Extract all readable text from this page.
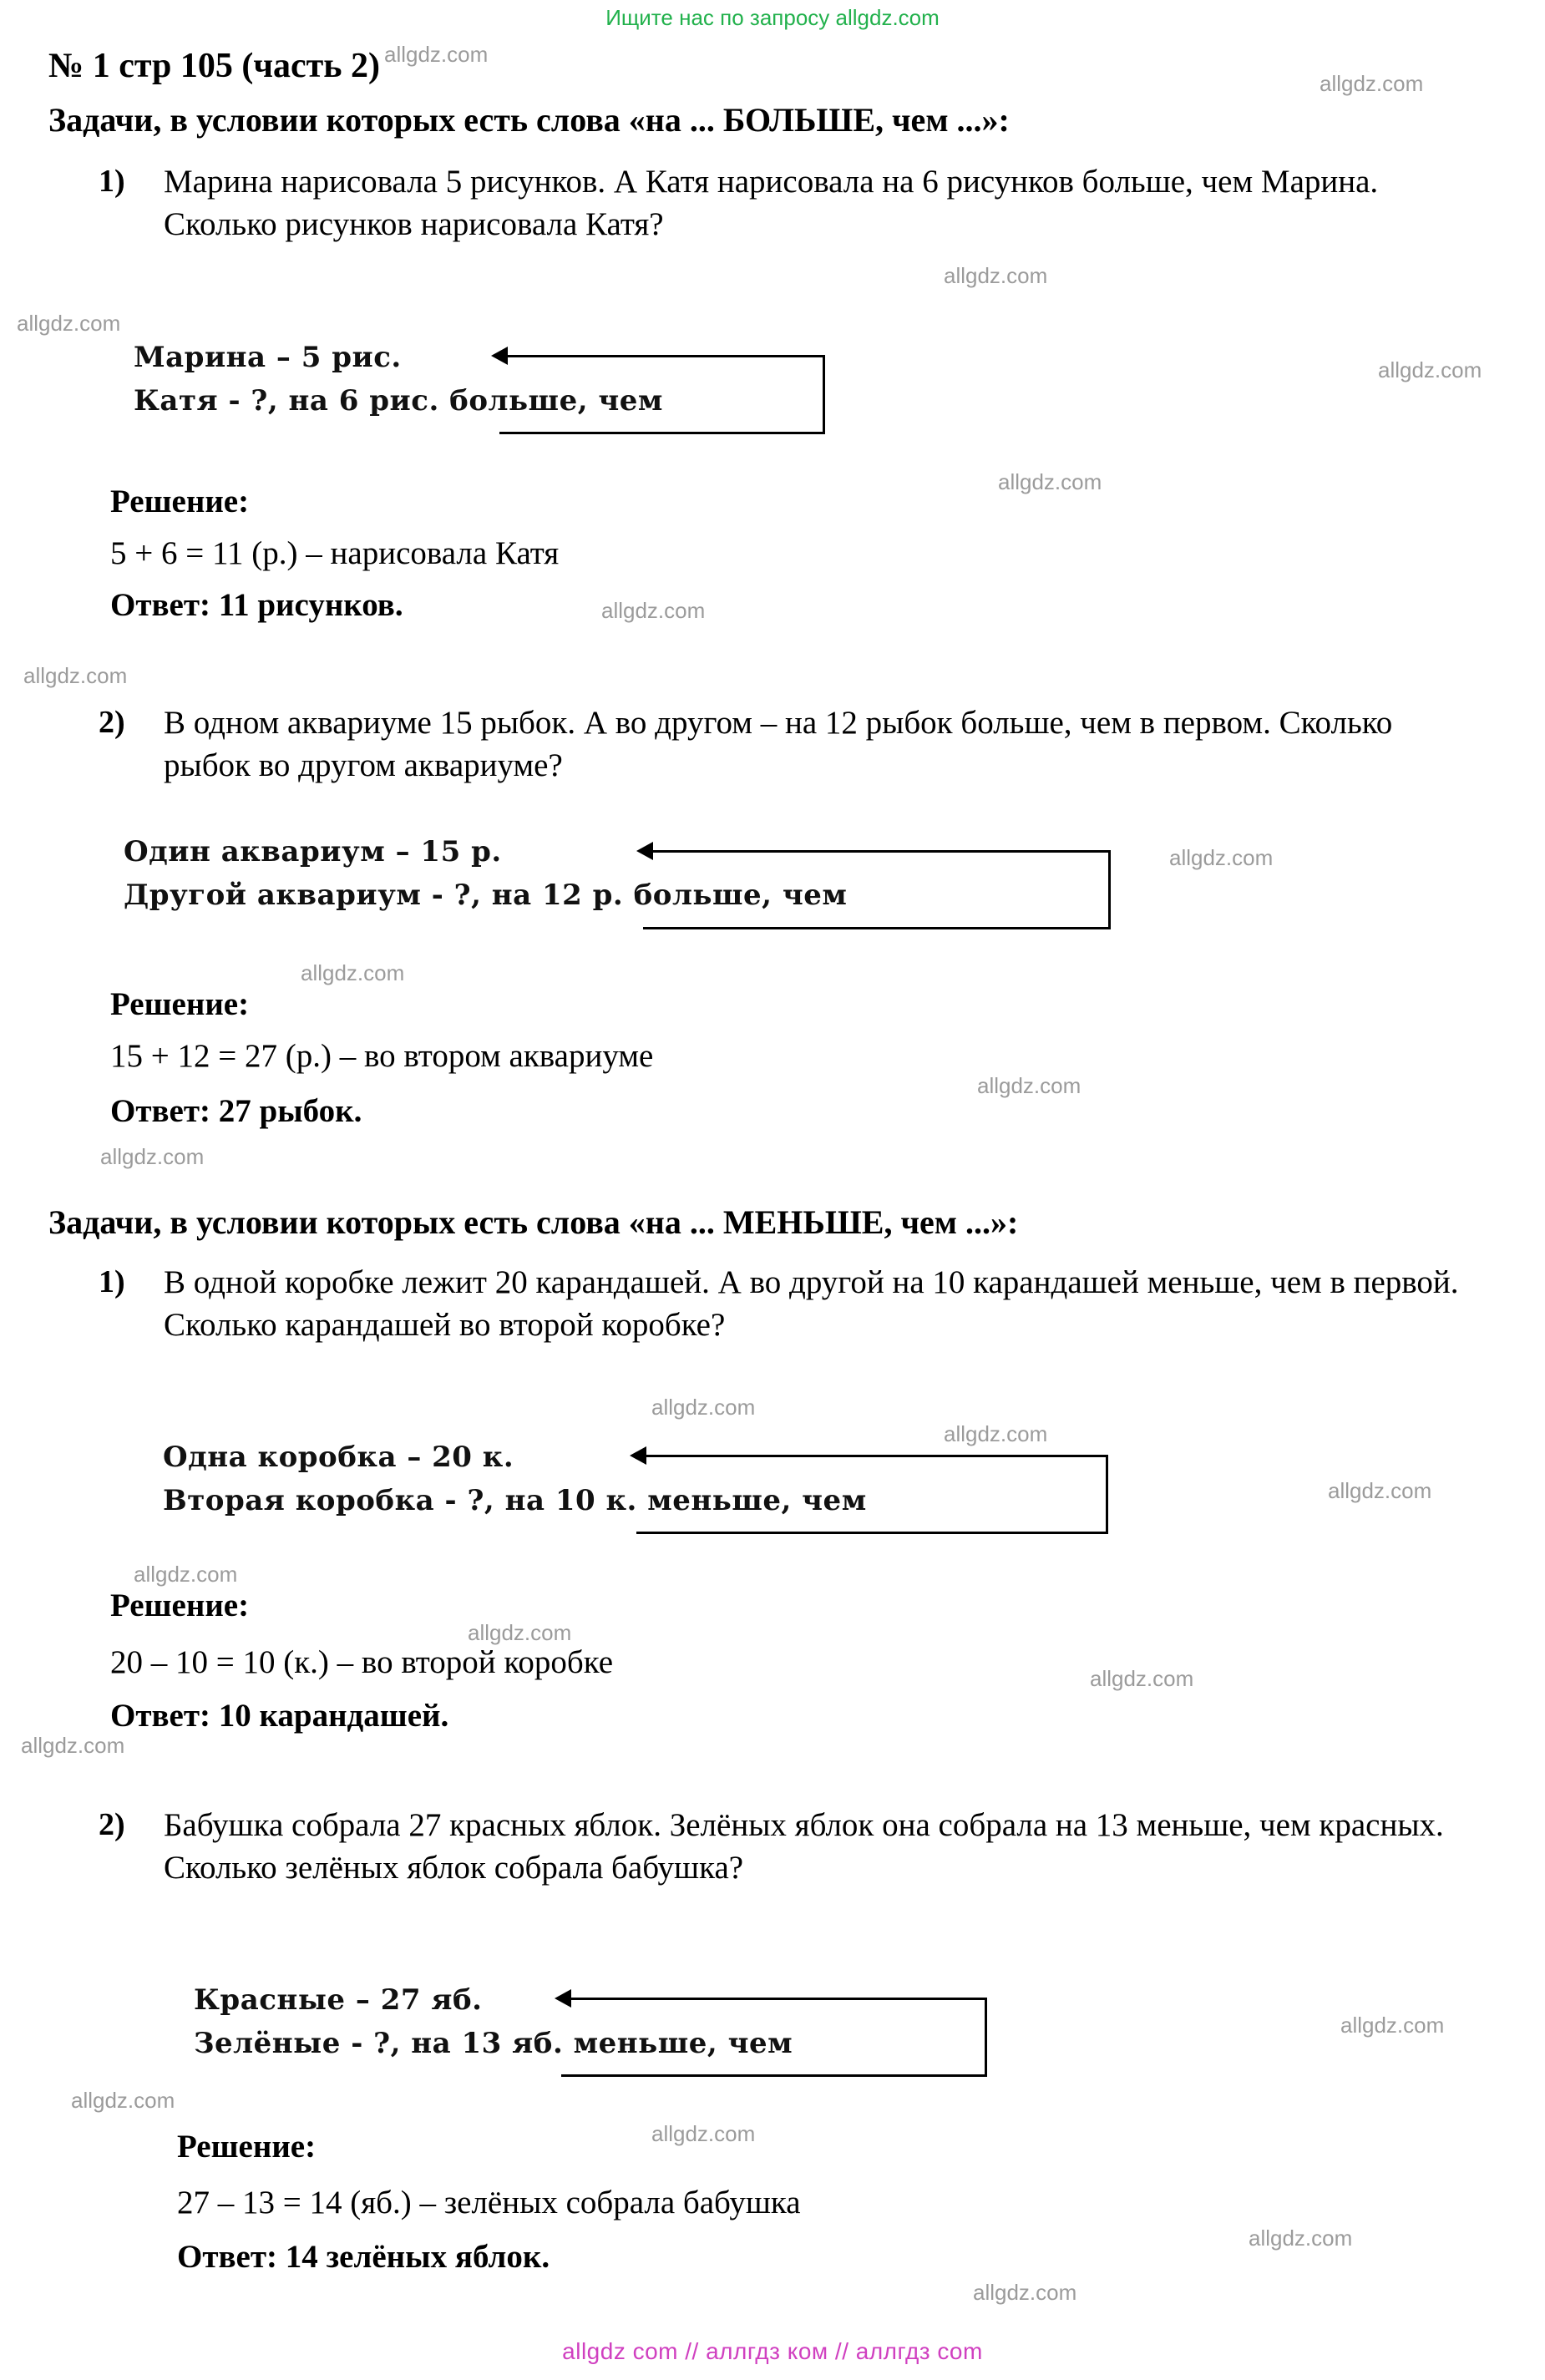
Ищите нас по запросу allgdz.com
allgdz.com
allgdz.com
allgdz.com
allgdz.com
allgdz.com
allgdz.com
allgdz.com
allgdz.com
allgdz.com
allgdz.com
allgdz.com
allgdz.com
allgdz.com
allgdz.com
allgdz.com
allgdz.com
allgdz.com
allgdz.com
allgdz.com
allgdz.com
allgdz.com
allgdz.com
allgdz.com
allgdz.com
№ 1 стр 105 (часть 2)
Задачи, в условии которых есть слова «на ... БОЛЬШЕ, чем ...»:
1) Марина нарисовала 5 рисунков. А Катя нарисовала на 6 рисунков больше, чем Марина. Сколько рисунков нарисовала Катя?
Марина – 5 рис.
Катя - ?, на 6 рис. больше, чем
Решение:
5 + 6 = 11 (р.) – нарисовала Катя
Ответ: 11 рисунков.
2) В одном аквариуме 15 рыбок. А во другом – на 12 рыбок больше, чем в первом. Сколько рыбок во другом аквариуме?
Один аквариум – 15 р.
Другой аквариум - ?, на 12 р. больше, чем
Решение:
15 + 12 = 27 (р.) – во втором аквариуме
Ответ: 27 рыбок.
Задачи, в условии которых есть слова «на ... МЕНЬШЕ, чем ...»:
1) В одной коробке лежит 20 карандашей. А во другой на 10 карандашей меньше, чем в первой. Сколько карандашей во второй коробке?
Одна коробка – 20 к.
Вторая коробка - ?, на 10 к. меньше, чем
Решение:
20 – 10 = 10 (к.) – во второй коробке
Ответ: 10 карандашей.
2) Бабушка собрала 27 красных яблок. Зелёных яблок она собрала на 13 меньше, чем красных. Сколько зелёных яблок собрала бабушка?
Красные – 27 яб.
Зелёные - ?, на 13 яб. меньше, чем
Решение:
27 – 13 = 14 (яб.) – зелёных собрала бабушка
Ответ: 14 зелёных яблок.
allgdz com // аллгдз ком // аллгдз com
